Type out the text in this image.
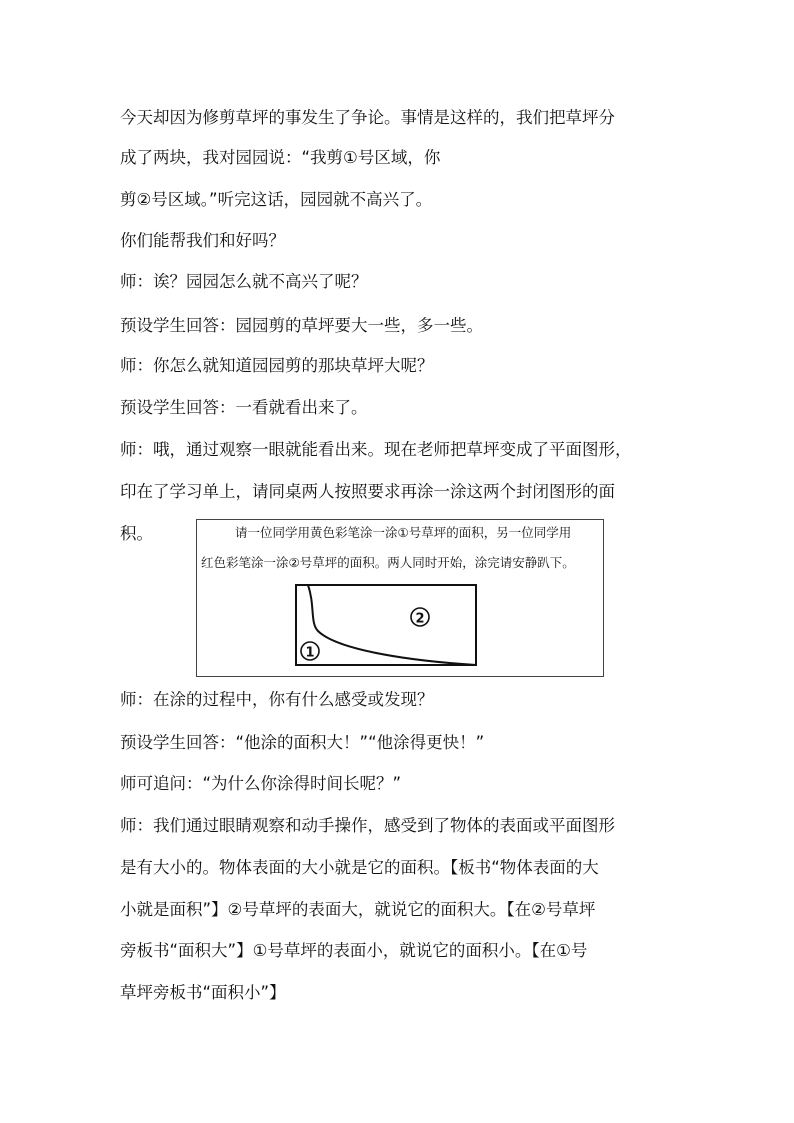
今天却因为修剪草坪的事发生了争论。事情是这样的，我们把草坪分
成了两块，我对园园说：“我剪①号区域，你
剪②号区域。”听完这话，园园就不高兴了。
你们能帮我们和好吗？
师：诶？园园怎么就不高兴了呢？
预设学生回答：园园剪的草坪要大一些，多一些。
师：你怎么就知道园园剪的那块草坪大呢？
预设学生回答：一看就看出来了。
师：哦，通过观察一眼就能看出来。现在老师把草坪变成了平面图形，
印在了学习单上，请同桌两人按照要求再涂一涂这两个封闭图形的面
积。	请一位同学用黄色彩笔涂一涂①号草坪的面积，另一位同学用
红色彩笔涂一涂②号草坪的面积。两人同时开始，涂完请安静趴下。
1
2
师：在涂的过程中，你有什么感受或发现？
预设学生回答：“他涂的面积大！”“他涂得更快！”
师可追问：“为什么你涂得时间长呢？”
师：我们通过眼睛观察和动手操作，感受到了物体的表面或平面图形
是有大小的。物体表面的大小就是它的面积。【板书“物体表面的大
小就是面积”】②号草坪的表面大，就说它的面积大。【在②号草坪
旁板书“面积大”】①号草坪的表面小，就说它的面积小。【在①号
草坪旁板书“面积小”】
